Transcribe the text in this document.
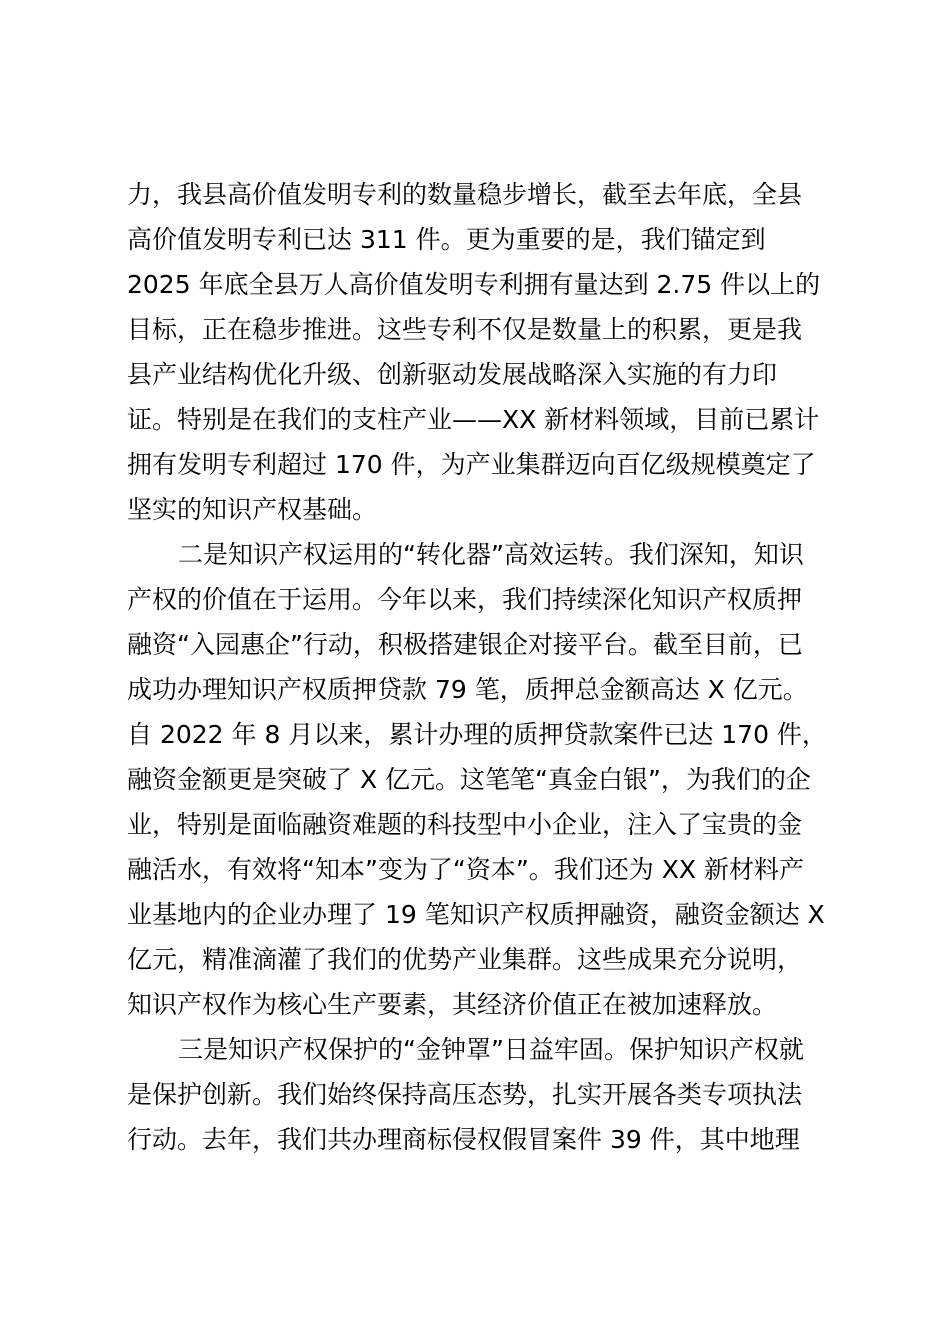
力，我县高价值发明专利的数量稳步增长，截至去年底，全县
高价值发明专利已达 311 件。更为重要的是，我们锚定到
2025 年底全县万人高价值发明专利拥有量达到 2.75 件以上的
目标，正在稳步推进。这些专利不仅是数量上的积累，更是我
县产业结构优化升级、创新驱动发展战略深入实施的有力印
证。特别是在我们的支柱产业——XX 新材料领域，目前已累计
拥有发明专利超过 170 件，为产业集群迈向百亿级规模奠定了
坚实的知识产权基础。
二是知识产权运用的“转化器”高效运转。我们深知，知识
产权的价值在于运用。今年以来，我们持续深化知识产权质押
融资“入园惠企”行动，积极搭建银企对接平台。截至目前，已
成功办理知识产权质押贷款 79 笔，质押总金额高达 X 亿元。
自 2022 年 8 月以来，累计办理的质押贷款案件已达 170 件，
融资金额更是突破了 X 亿元。这笔笔“真金白银”，为我们的企
业，特别是面临融资难题的科技型中小企业，注入了宝贵的金
融活水，有效将“知本”变为了“资本”。我们还为 XX 新材料产
业基地内的企业办理了 19 笔知识产权质押融资，融资金额达 X
亿元，精准滴灌了我们的优势产业集群。这些成果充分说明，
知识产权作为核心生产要素，其经济价值正在被加速释放。
三是知识产权保护的“金钟罩”日益牢固。保护知识产权就
是保护创新。我们始终保持高压态势，扎实开展各类专项执法
行动。去年，我们共办理商标侵权假冒案件 39 件，其中地理
